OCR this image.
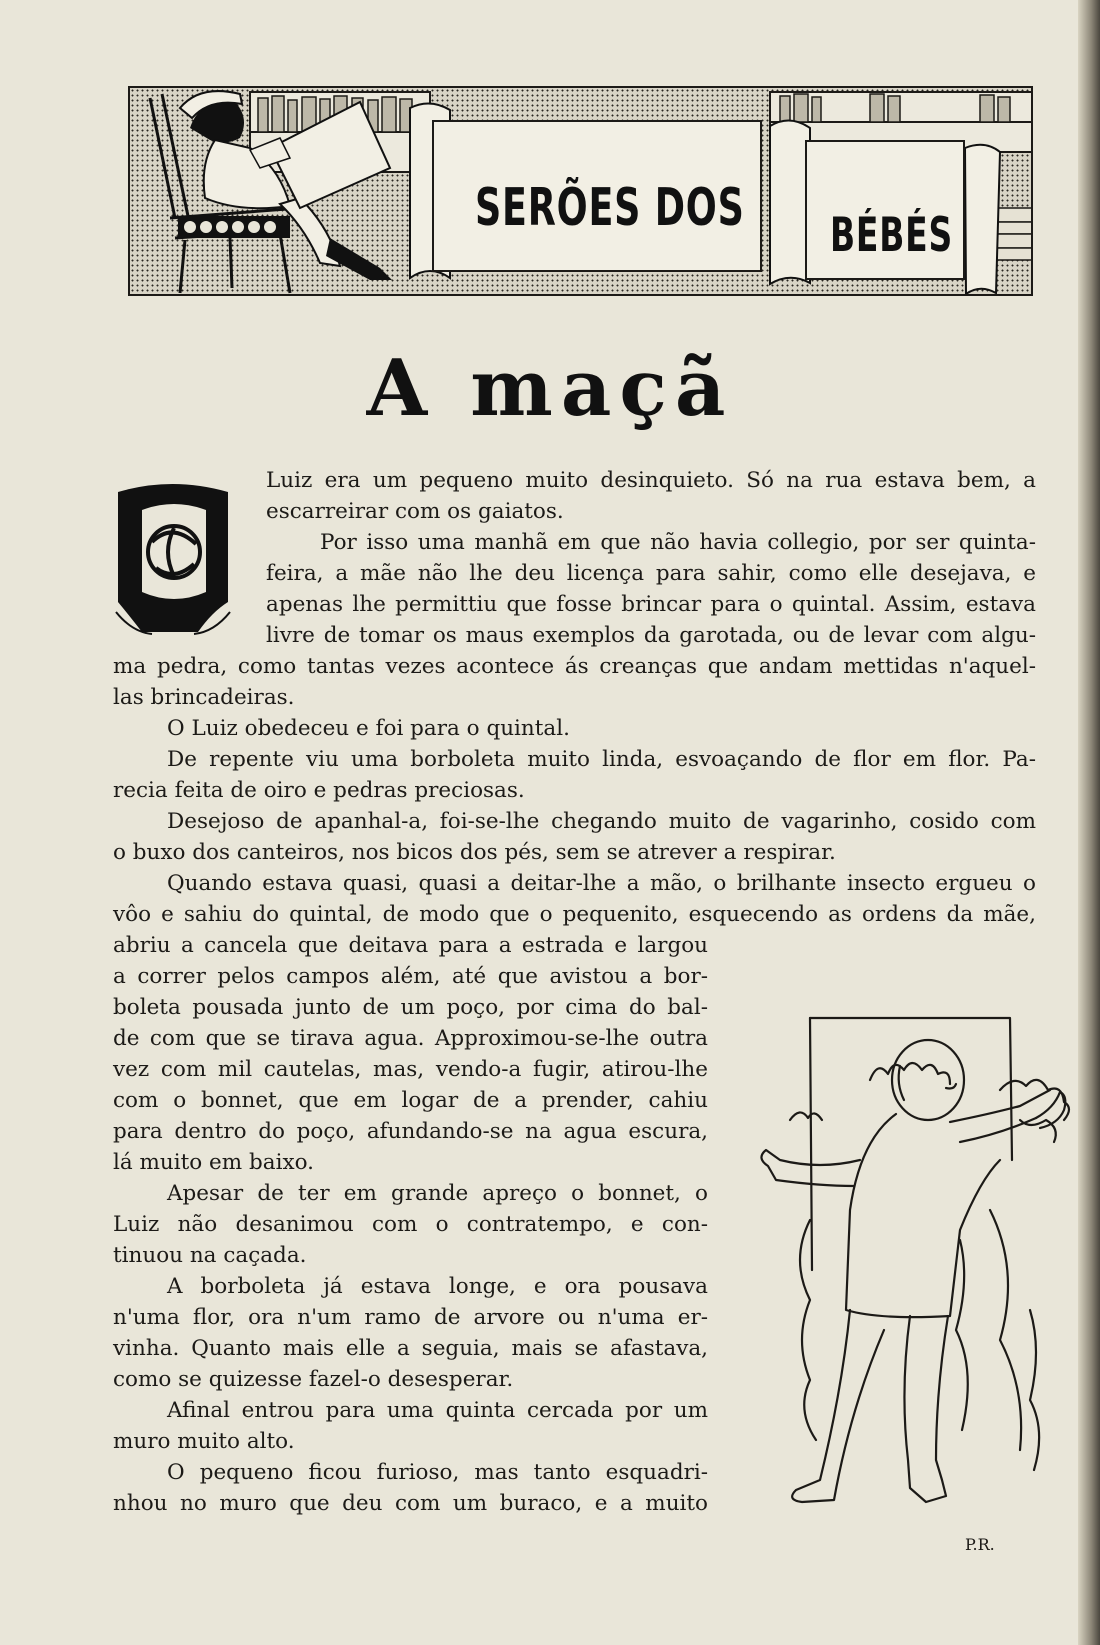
SERÕES DOS BÉBÉS
A maçã
Luiz era um pequeno muito desinquieto. Só na rua estava bem, a
escarreirar com os gaiatos.
Por isso uma manhã em que não havia collegio, por ser quinta-
feira, a mãe não lhe deu licença para sahir, como elle desejava, e
apenas lhe permittiu que fosse brincar para o quintal. Assim, estava
livre de tomar os maus exemplos da garotada, ou de levar com algu-
ma pedra, como tantas vezes acontece ás creanças que andam mettidas n'aquel-
las brincadeiras.
O Luiz obedeceu e foi para o quintal.
De repente viu uma borboleta muito linda, esvoaçando de flor em flor. Pa-
recia feita de oiro e pedras preciosas.
Desejoso de apanhal-a, foi-se-lhe chegando muito de vagarinho, cosido com
o buxo dos canteiros, nos bicos dos pés, sem se atrever a respirar.
Quando estava quasi, quasi a deitar-lhe a mão, o brilhante insecto ergueu o
vôo e sahiu do quintal, de modo que o pequenito, esquecendo as ordens da mãe,
abriu a cancela que deitava para a estrada e largou
a correr pelos campos além, até que avistou a bor-
boleta pousada junto de um poço, por cima do bal-
de com que se tirava agua. Approximou-se-lhe outra
vez com mil cautelas, mas, vendo-a fugir, atirou-lhe
com o bonnet, que em logar de a prender, cahiu
para dentro do poço, afundando-se na agua escura,
lá muito em baixo.
Apesar de ter em grande apreço o bonnet, o
Luiz não desanimou com o contratempo, e con-
tinuou na caçada.
A borboleta já estava longe, e ora pousava
n'uma flor, ora n'um ramo de arvore ou n'uma er-
vinha. Quanto mais elle a seguia, mais se afastava,
como se quizesse fazel-o desesperar.
Afinal entrou para uma quinta cercada por um
muro muito alto.
O pequeno ficou furioso, mas tanto esquadri-
nhou no muro que deu com um buraco, e a muito
P.R.
